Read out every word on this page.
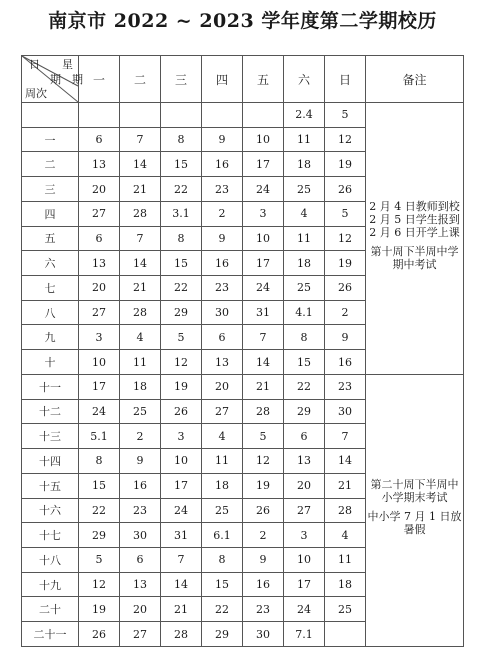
南京市 2022 ~ 2023 学年度第二学期校历
日 星
期 期
周次	一	二	三	四	五	六	日	备注
						2.4	5	2 月 4 日教师到校
2 月 5 日学生报到
2 月 6 日开学上课

第十周下半周中学期中考试

一	6	7	8	9	10	11	12	
二	13	14	15	16	17	18	19	
三	20	21	22	23	24	25	26	
四	27	28	3.1	2	3	4	5	
五	6	7	8	9	10	11	12	
六	13	14	15	16	17	18	19	
七	20	21	22	23	24	25	26	
八	27	28	29	30	31	4.1	2	
九	3	4	5	6	7	8	9	
十	10	11	12	13	14	15	16	
十一	17	18	19	20	21	22	23	第二十周下半周中小学期末考试

中小学 7 月 1 日放暑假

十二	24	25	26	27	28	29	30	
十三	5.1	2	3	4	5	6	7	
十四	8	9	10	11	12	13	14	
十五	15	16	17	18	19	20	21	
十六	22	23	24	25	26	27	28	
十七	29	30	31	6.1	2	3	4	
十八	5	6	7	8	9	10	11	
十九	12	13	14	15	16	17	18	
二十	19	20	21	22	23	24	25	
二十一	26	27	28	29	30	7.1		
